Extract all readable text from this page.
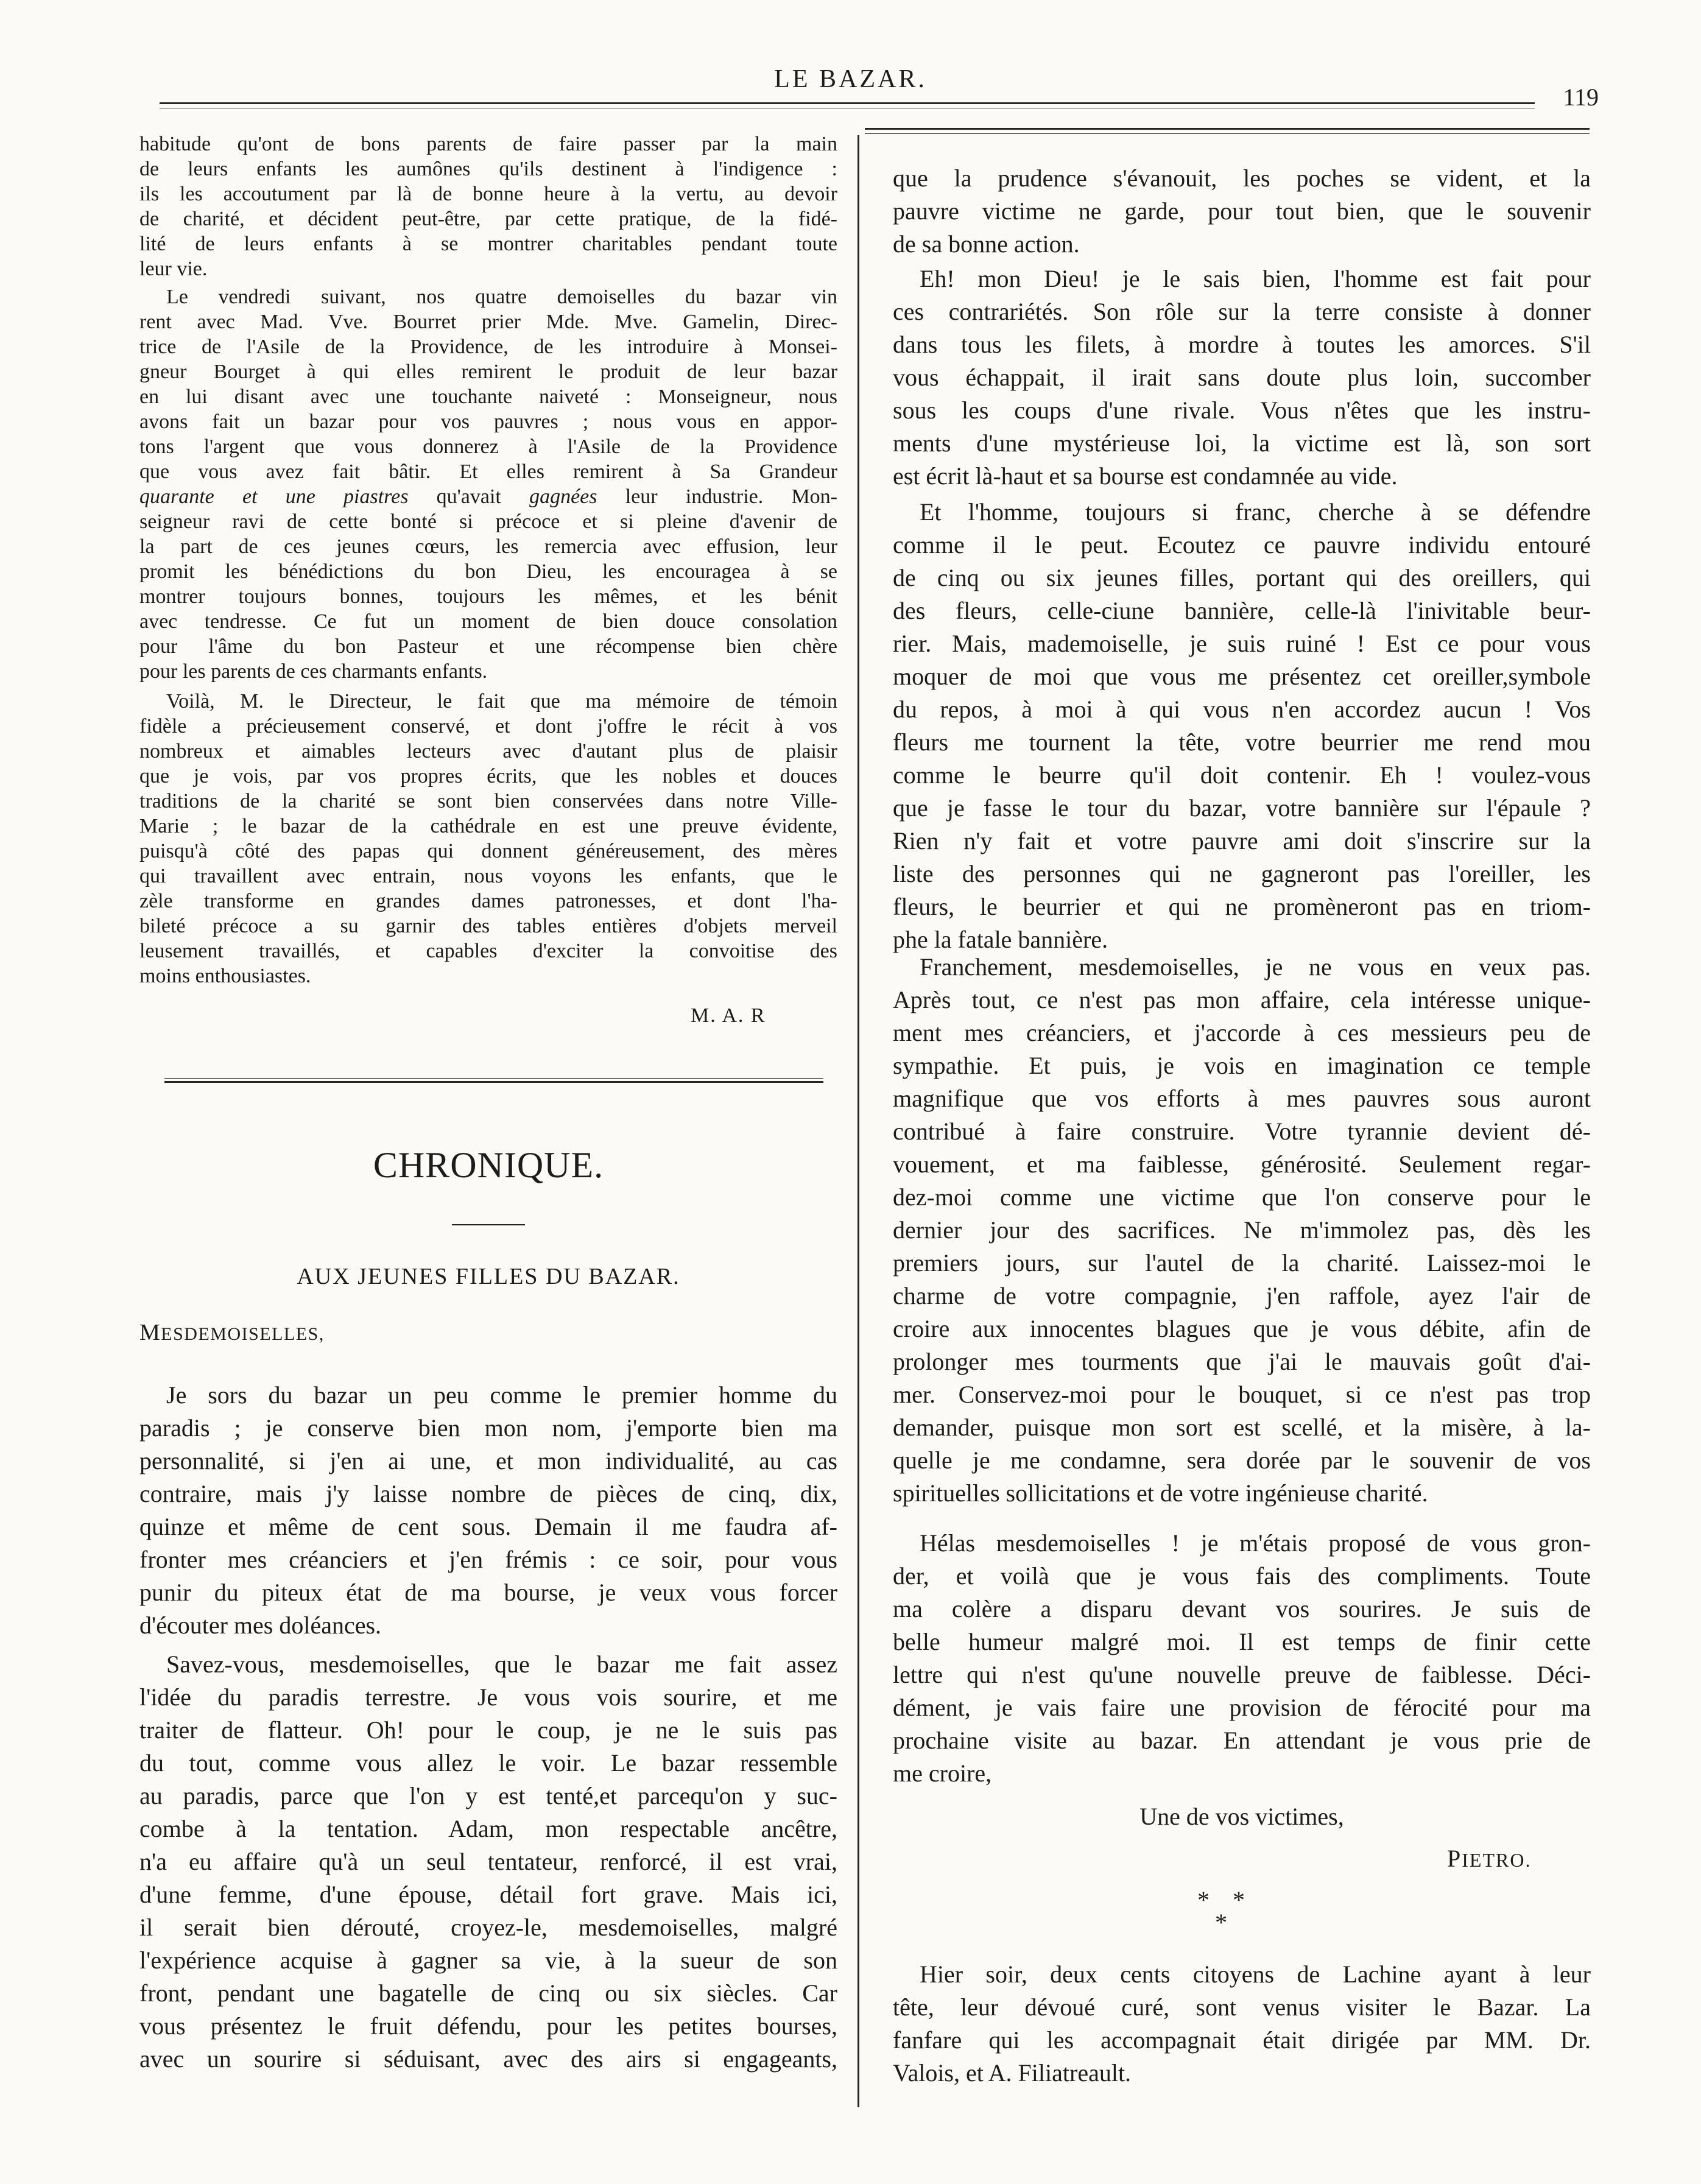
LE BAZAR.
119
habitude qu'ont de bons parents de faire passer par la main
de leurs enfants les aumônes qu'ils destinent à l'indigence :
ils les accoutument par là de bonne heure à la vertu, au devoir
de charité, et décident peut-être, par cette pratique, de la fidé-
lité de leurs enfants à se montrer charitables pendant toute
leur vie.
Le vendredi suivant, nos quatre demoiselles du bazar vin
rent avec Mad. Vve. Bourret prier Mde. Mve. Gamelin, Direc-
trice de l'Asile de la Providence, de les introduire à Monsei-
gneur Bourget à qui elles remirent le produit de leur bazar
en lui disant avec une touchante naiveté : Monseigneur, nous
avons fait un bazar pour vos pauvres ; nous vous en appor-
tons l'argent que vous donnerez à l'Asile de la Providence
que vous avez fait bâtir. Et elles remirent à Sa Grandeur
quarante et une piastres qu'avait gagnées leur industrie. Mon-
seigneur ravi de cette bonté si précoce et si pleine d'avenir de
la part de ces jeunes cœurs, les remercia avec effusion, leur
promit les bénédictions du bon Dieu, les encouragea à se
montrer toujours bonnes, toujours les mêmes, et les bénit
avec tendresse. Ce fut un moment de bien douce consolation
pour l'âme du bon Pasteur et une récompense bien chère
pour les parents de ces charmants enfants.
Voilà, M. le Directeur, le fait que ma mémoire de témoin
fidèle a précieusement conservé, et dont j'offre le récit à vos
nombreux et aimables lecteurs avec d'autant plus de plaisir
que je vois, par vos propres écrits, que les nobles et douces
traditions de la charité se sont bien conservées dans notre Ville-
Marie ; le bazar de la cathédrale en est une preuve évidente,
puisqu'à côté des papas qui donnent généreusement, des mères
qui travaillent avec entrain, nous voyons les enfants, que le
zèle transforme en grandes dames patronesses, et dont l'ha-
bileté précoce a su garnir des tables entières d'objets merveil
leusement travaillés, et capables d'exciter la convoitise des
moins enthousiastes.
M. A. R
CHRONIQUE.
AUX JEUNES FILLES DU BAZAR.
MESDEMOISELLES,
Je sors du bazar un peu comme le premier homme du
paradis ; je conserve bien mon nom, j'emporte bien ma
personnalité, si j'en ai une, et mon individualité, au cas
contraire, mais j'y laisse nombre de pièces de cinq, dix,
quinze et même de cent sous. Demain il me faudra af-
fronter mes créanciers et j'en frémis : ce soir, pour vous
punir du piteux état de ma bourse, je veux vous forcer
d'écouter mes doléances.
Savez-vous, mesdemoiselles, que le bazar me fait assez
l'idée du paradis terrestre. Je vous vois sourire, et me
traiter de flatteur. Oh! pour le coup, je ne le suis pas
du tout, comme vous allez le voir. Le bazar ressemble
au paradis, parce que l'on y est tenté,et parcequ'on y suc-
combe à la tentation. Adam, mon respectable ancêtre,
n'a eu affaire qu'à un seul tentateur, renforcé, il est vrai,
d'une femme, d'une épouse, détail fort grave. Mais ici,
il serait bien dérouté, croyez-le, mesdemoiselles, malgré
l'expérience acquise à gagner sa vie, à la sueur de son
front, pendant une bagatelle de cinq ou six siècles. Car
vous présentez le fruit défendu, pour les petites bourses,
avec un sourire si séduisant, avec des airs si engageants,
que la prudence s'évanouit, les poches se vident, et la
pauvre victime ne garde, pour tout bien, que le souvenir
de sa bonne action.
Eh! mon Dieu! je le sais bien, l'homme est fait pour
ces contrariétés. Son rôle sur la terre consiste à donner
dans tous les filets, à mordre à toutes les amorces. S'il
vous échappait, il irait sans doute plus loin, succomber
sous les coups d'une rivale. Vous n'êtes que les instru-
ments d'une mystérieuse loi, la victime est là, son sort
est écrit là-haut et sa bourse est condamnée au vide.
Et l'homme, toujours si franc, cherche à se défendre
comme il le peut. Ecoutez ce pauvre individu entouré
de cinq ou six jeunes filles, portant qui des oreillers, qui
des fleurs, celle-ciune bannière, celle-là l'inivitable beur-
rier. Mais, mademoiselle, je suis ruiné ! Est ce pour vous
moquer de moi que vous me présentez cet oreiller,symbole
du repos, à moi à qui vous n'en accordez aucun ! Vos
fleurs me tournent la tête, votre beurrier me rend mou
comme le beurre qu'il doit contenir. Eh ! voulez-vous
que je fasse le tour du bazar, votre bannière sur l'épaule ?
Rien n'y fait et votre pauvre ami doit s'inscrire sur la
liste des personnes qui ne gagneront pas l'oreiller, les
fleurs, le beurrier et qui ne promèneront pas en triom-
phe la fatale bannière.
Franchement, mesdemoiselles, je ne vous en veux pas.
Après tout, ce n'est pas mon affaire, cela intéresse unique-
ment mes créanciers, et j'accorde à ces messieurs peu de
sympathie. Et puis, je vois en imagination ce temple
magnifique que vos efforts à mes pauvres sous auront
contribué à faire construire. Votre tyrannie devient dé-
vouement, et ma faiblesse, générosité. Seulement regar-
dez-moi comme une victime que l'on conserve pour le
dernier jour des sacrifices. Ne m'immolez pas, dès les
premiers jours, sur l'autel de la charité. Laissez-moi le
charme de votre compagnie, j'en raffole, ayez l'air de
croire aux innocentes blagues que je vous débite, afin de
prolonger mes tourments que j'ai le mauvais goût d'ai-
mer. Conservez-moi pour le bouquet, si ce n'est pas trop
demander, puisque mon sort est scellé, et la misère, à la-
quelle je me condamne, sera dorée par le souvenir de vos
spirituelles sollicitations et de votre ingénieuse charité.
Hélas mesdemoiselles ! je m'étais proposé de vous gron-
der, et voilà que je vous fais des compliments. Toute
ma colère a disparu devant vos sourires. Je suis de
belle humeur malgré moi. Il est temps de finir cette
lettre qui n'est qu'une nouvelle preuve de faiblesse. Déci-
dément, je vais faire une provision de férocité pour ma
prochaine visite au bazar. En attendant je vous prie de
me croire,
Une de vos victimes,
PIETRO.
* *
*
Hier soir, deux cents citoyens de Lachine ayant à leur
tête, leur dévoué curé, sont venus visiter le Bazar. La
fanfare qui les accompagnait était dirigée par MM. Dr.
Valois, et A. Filiatreault.
